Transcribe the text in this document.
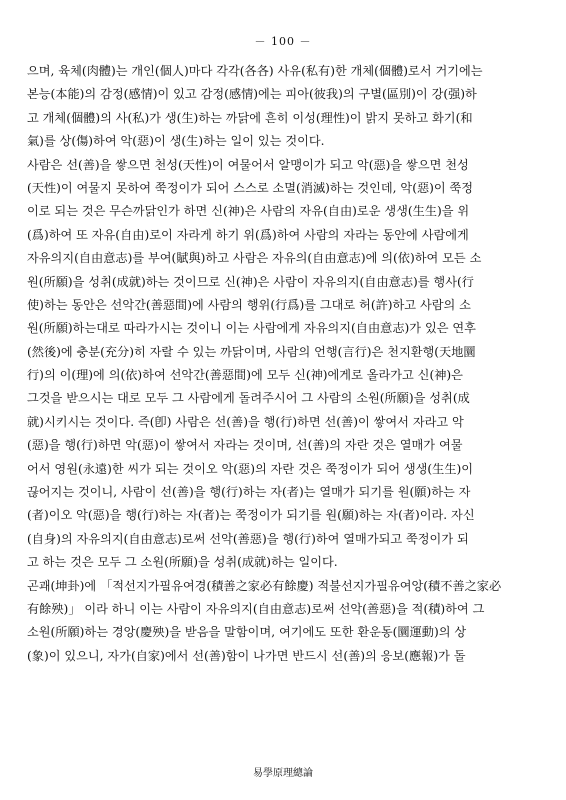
－ 100 －
으며, 육체(肉體)는 개인(個人)마다 각각(各各) 사유(私有)한 개체(個體)로서 거기에는
본능(本能)의 감정(感情)이 있고 감정(感情)에는 피아(彼我)의 구별(區別)이 강(强)하
고 개체(個體)의 사(私)가 생(生)하는 까닭에 흔히 이성(理性)이 밝지 못하고 화기(和
氣)를 상(傷)하여 악(惡)이 생(生)하는 일이 있는 것이다.
사람은 선(善)을 쌓으면 천성(天性)이 여물어서 알맹이가 되고 악(惡)을 쌓으면 천성
(天性)이 여물지 못하여 쭉정이가 되어 스스로 소멸(消滅)하는 것인데, 악(惡)이 쭉정
이로 되는 것은 무슨까닭인가 하면 신(神)은 사람의 자유(自由)로운 생생(生生)을 위
(爲)하여 또 자유(自由)로이 자라게 하기 위(爲)하여 사람의 자라는 동안에 사람에게
자유의지(自由意志)를 부여(賦與)하고 사람은 자유의(自由意志)에 의(依)하여 모든 소
원(所願)을 성취(成就)하는 것이므로 신(神)은 사람이 자유의지(自由意志)를 행사(行
使)하는 동안은 선악간(善惡間)에 사람의 행위(行爲)를 그대로 허(許)하고 사람의 소
원(所願)하는대로 따라가시는 것이니 이는 사람에게 자유의지(自由意志)가 있은 연후
(然後)에 충분(充分)히 자랄 수 있는 까닭이며, 사람의 언행(言行)은 천지환행(天地圜
行)의 이(理)에 의(依)하여 선악간(善惡間)에 모두 신(神)에게로 올라가고 신(神)은
그것을 받으시는 대로 모두 그 사람에게 돌려주시어 그 사람의 소원(所願)을 성취(成
就)시키시는 것이다. 즉(卽) 사람은 선(善)을 행(行)하면 선(善)이 쌓여서 자라고 악
(惡)을 행(行)하면 악(惡)이 쌓여서 자라는 것이며, 선(善)의 자란 것은 열매가 여물
어서 영원(永遠)한 씨가 되는 것이오 악(惡)의 자란 것은 쭉정이가 되어 생생(生生)이
끊어지는 것이니, 사람이 선(善)을 행(行)하는 자(者)는 열매가 되기를 원(願)하는 자
(者)이오 악(惡)을 행(行)하는 자(者)는 쭉정이가 되기를 원(願)하는 자(者)이라. 자신
(自身)의 자유의지(自由意志)로써 선악(善惡)을 행(行)하여 열매가되고 쭉정이가 되
고 하는 것은 모두 그 소원(所願)을 성취(成就)하는 일이다.
곤괘(坤卦)에 「적선지가필유여경(積善之家必有餘慶) 적불선지가필유여앙(積不善之家必
有餘殃)」 이라 하니 이는 사람이 자유의지(自由意志)로써 선악(善惡)을 적(積)하여 그
소원(所願)하는 경앙(慶殃)을 받음을 말함이며, 여기에도 또한 환운동(圜運動)의 상
(象)이 있으니, 자가(自家)에서 선(善)함이 나가면 반드시 선(善)의 응보(應報)가 돌
易學原理總論
